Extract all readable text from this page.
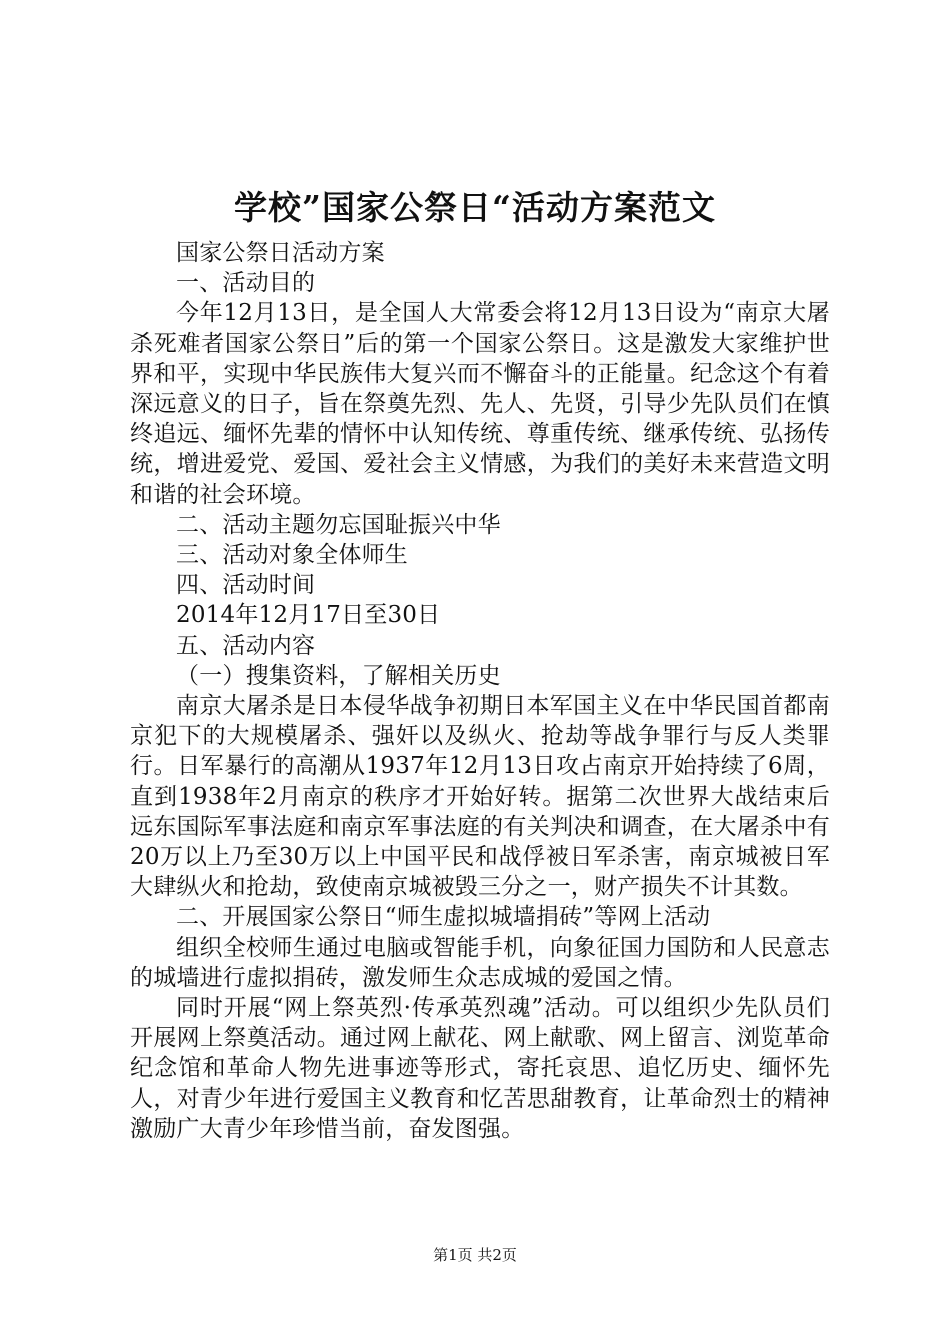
学校”国家公祭日“活动方案范文

国家公祭日活动方案

一、活动目的

今年12月13日，是全国人大常委会将12月13日设为“南京大屠杀死难者国家公祭日”后的第一个国家公祭日。这是激发大家维护世界和平，实现中华民族伟大复兴而不懈奋斗的正能量。纪念这个有着深远意义的日子，旨在祭奠先烈、先人、先贤，引导少先队员们在慎终追远、缅怀先辈的情怀中认知传统、尊重传统、继承传统、弘扬传统，增进爱党、爱国、爱社会主义情感，为我们的美好未来营造文明和谐的社会环境。

二、活动主题勿忘国耻振兴中华

三、活动对象全体师生

四、活动时间

2014年12月17日至30日

五、活动内容

（一）搜集资料，了解相关历史

南京大屠杀是日本侵华战争初期日本军国主义在中华民国首都南京犯下的大规模屠杀、强奸以及纵火、抢劫等战争罪行与反人类罪行。日军暴行的高潮从1937年12月13日攻占南京开始持续了6周，直到1938年2月南京的秩序才开始好转。据第二次世界大战结束后远东国际军事法庭和南京军事法庭的有关判决和调查，在大屠杀中有20万以上乃至30万以上中国平民和战俘被日军杀害，南京城被日军大肆纵火和抢劫，致使南京城被毁三分之一，财产损失不计其数。

二、开展国家公祭日“师生虚拟城墙捐砖”等网上活动

组织全校师生通过电脑或智能手机，向象征国力国防和人民意志的城墙进行虚拟捐砖，激发师生众志成城的爱国之情。

同时开展“网上祭英烈·传承英烈魂”活动。可以组织少先队员们开展网上祭奠活动。通过网上献花、网上献歌、网上留言、浏览革命纪念馆和革命人物先进事迹等形式，寄托哀思、追忆历史、缅怀先人，对青少年进行爱国主义教育和忆苦思甜教育，让革命烈士的精神激励广大青少年珍惜当前，奋发图强。

第1页 共2页
